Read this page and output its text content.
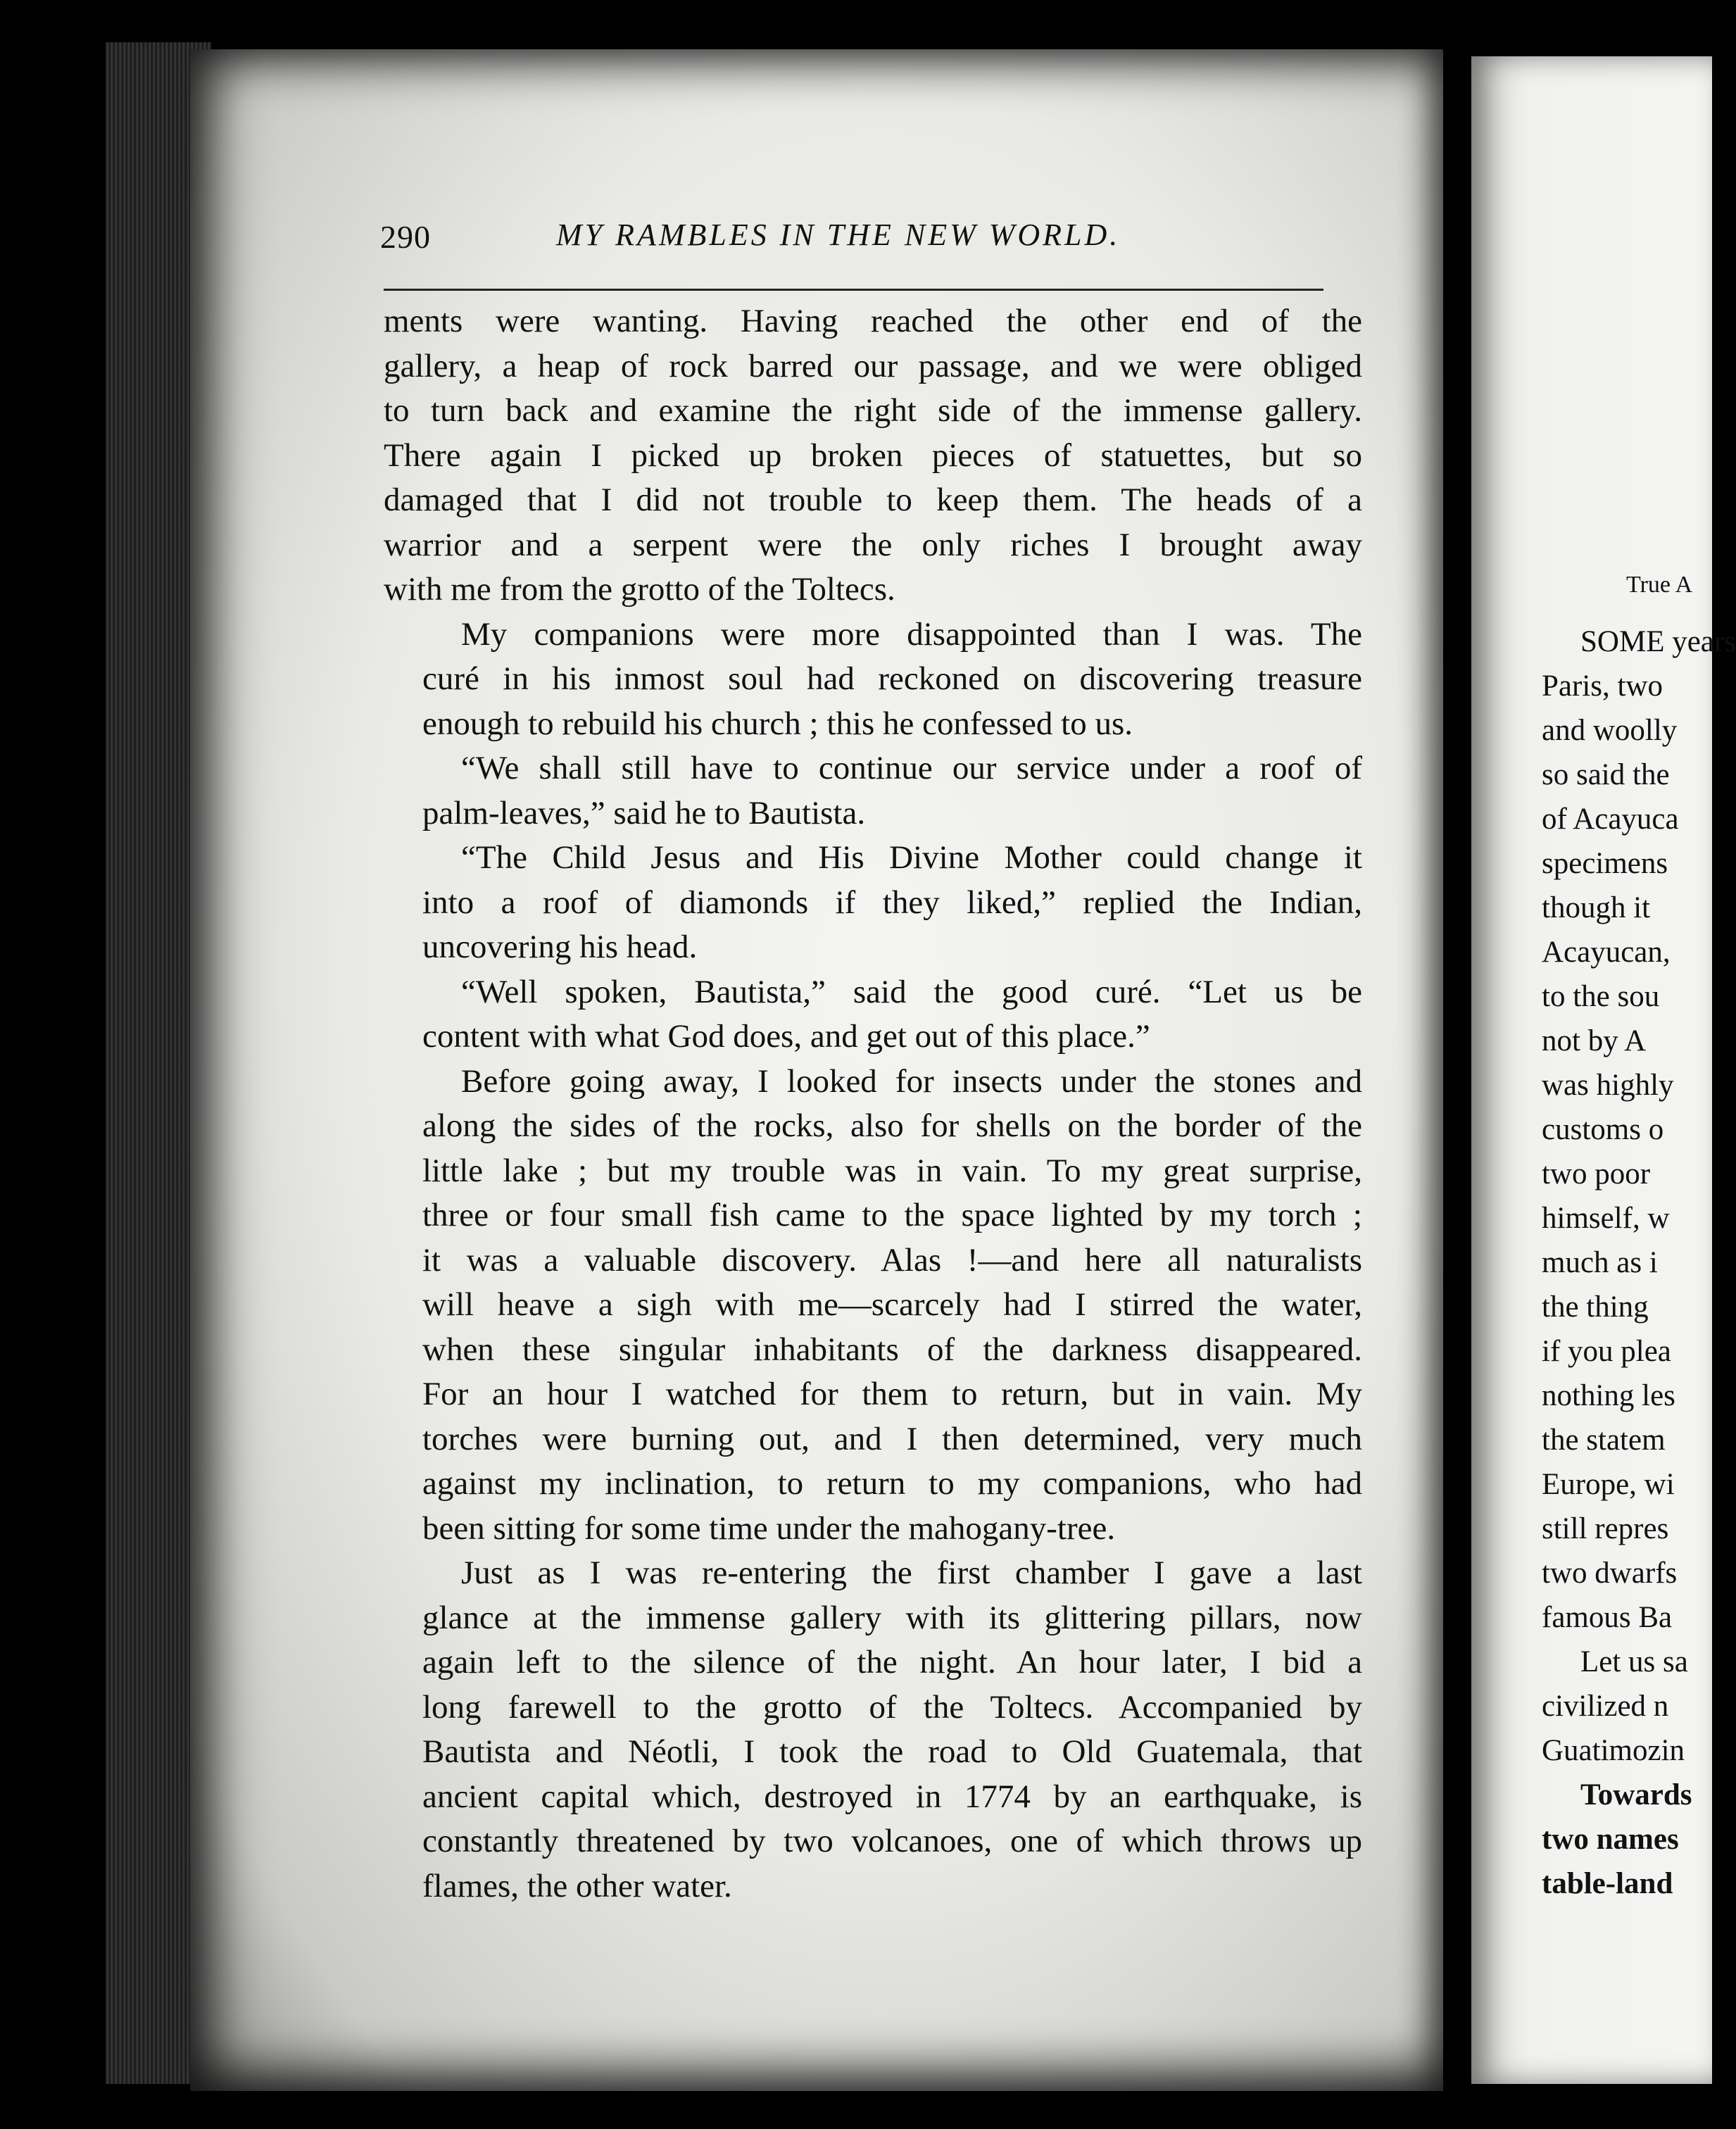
290	MY RAMBLES IN THE NEW WORLD.

ments were wanting. Having reached the other end of the
gallery, a heap of rock barred our passage, and we were obliged
to turn back and examine the right side of the immense gallery.
There again I picked up broken pieces of statuettes, but so
damaged that I did not trouble to keep them. The heads of a
warrior and a serpent were the only riches I brought away
with me from the grotto of the Toltecs.

My companions were more disappointed than I was. The
curé in his inmost soul had reckoned on discovering treasure
enough to rebuild his church ; this he confessed to us.

“We shall still have to continue our service under a roof of
palm-leaves,” said he to Bautista.

“The Child Jesus and His Divine Mother could change it
into a roof of diamonds if they liked,” replied the Indian,
uncovering his head.

“Well spoken, Bautista,” said the good curé. “Let us be
content with what God does, and get out of this place.”

Before going away, I looked for insects under the stones and
along the sides of the rocks, also for shells on the border of the
little lake ; but my trouble was in vain. To my great surprise,
three or four small fish came to the space lighted by my torch ;
it was a valuable discovery. Alas !—and here all naturalists
will heave a sigh with me—scarcely had I stirred the water,
when these singular inhabitants of the darkness disappeared.
For an hour I watched for them to return, but in vain. My
torches were burning out, and I then determined, very much
against my inclination, to return to my companions, who had
been sitting for some time under the mahogany-tree.

Just as I was re-entering the first chamber I gave a last
glance at the immense gallery with its glittering pillars, now
again left to the silence of the night. An hour later, I bid a
long farewell to the grotto of the Toltecs. Accompanied by
Bautista and Néotli, I took the road to Old Guatemala, that
ancient capital which, destroyed in 1774 by an earthquake, is
constantly threatened by two volcanoes, one of which throws up
flames, the other water.

True A
SOME years
Paris, two
and woolly
so said the
of Acayuca
specimens
though it
Acayucan,
to the sou
not by A
was highly
customs o
two poor
himself, w
much as i
the thing
if you plea
nothing les
the statem
Europe, wi
still repres
two dwarfs
famous Ba
Let us sa
civilized n
Guatimozin
Towards
two names
table-land
